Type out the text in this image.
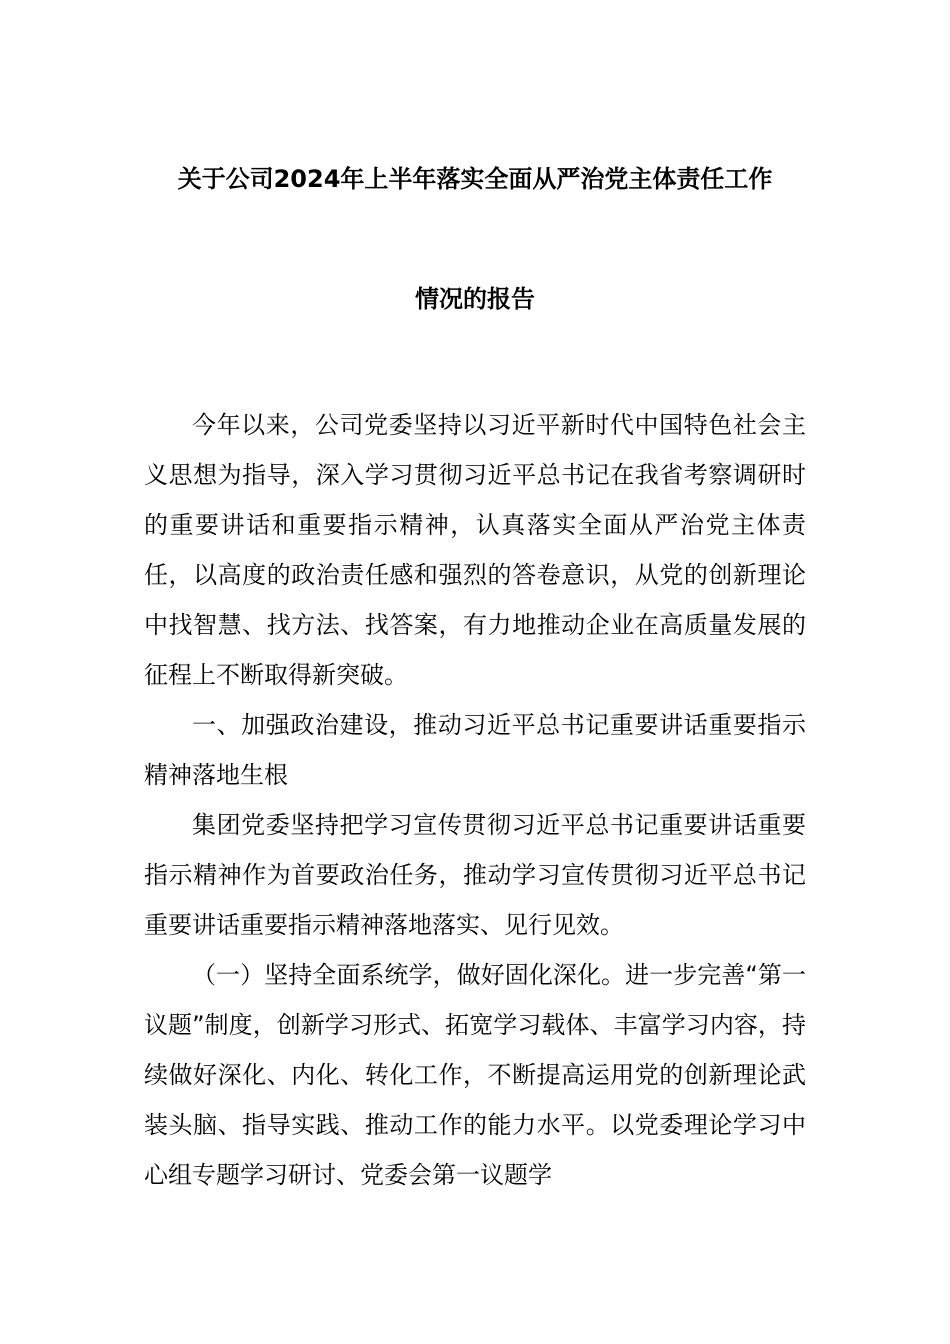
关于公司2024年上半年落实全面从严治党主体责任工作
情况的报告

今年以来，公司党委坚持以习近平新时代中国特色社会主义思想为指导，深入学习贯彻习近平总书记在我省考察调研时的重要讲话和重要指示精神，认真落实全面从严治党主体责任，以高度的政治责任感和强烈的答卷意识，从党的创新理论中找智慧、找方法、找答案，有力地推动企业在高质量发展的征程上不断取得新突破。

一、加强政治建设，推动习近平总书记重要讲话重要指示精神落地生根

集团党委坚持把学习宣传贯彻习近平总书记重要讲话重要指示精神作为首要政治任务，推动学习宣传贯彻习近平总书记重要讲话重要指示精神落地落实、见行见效。

（一）坚持全面系统学，做好固化深化。进一步完善“第一议题”制度，创新学习形式、拓宽学习载体、丰富学习内容，持续做好深化、内化、转化工作，不断提高运用党的创新理论武装头脑、指导实践、推动工作的能力水平。以党委理论学习中心组专题学习研讨、党委会第一议题学
